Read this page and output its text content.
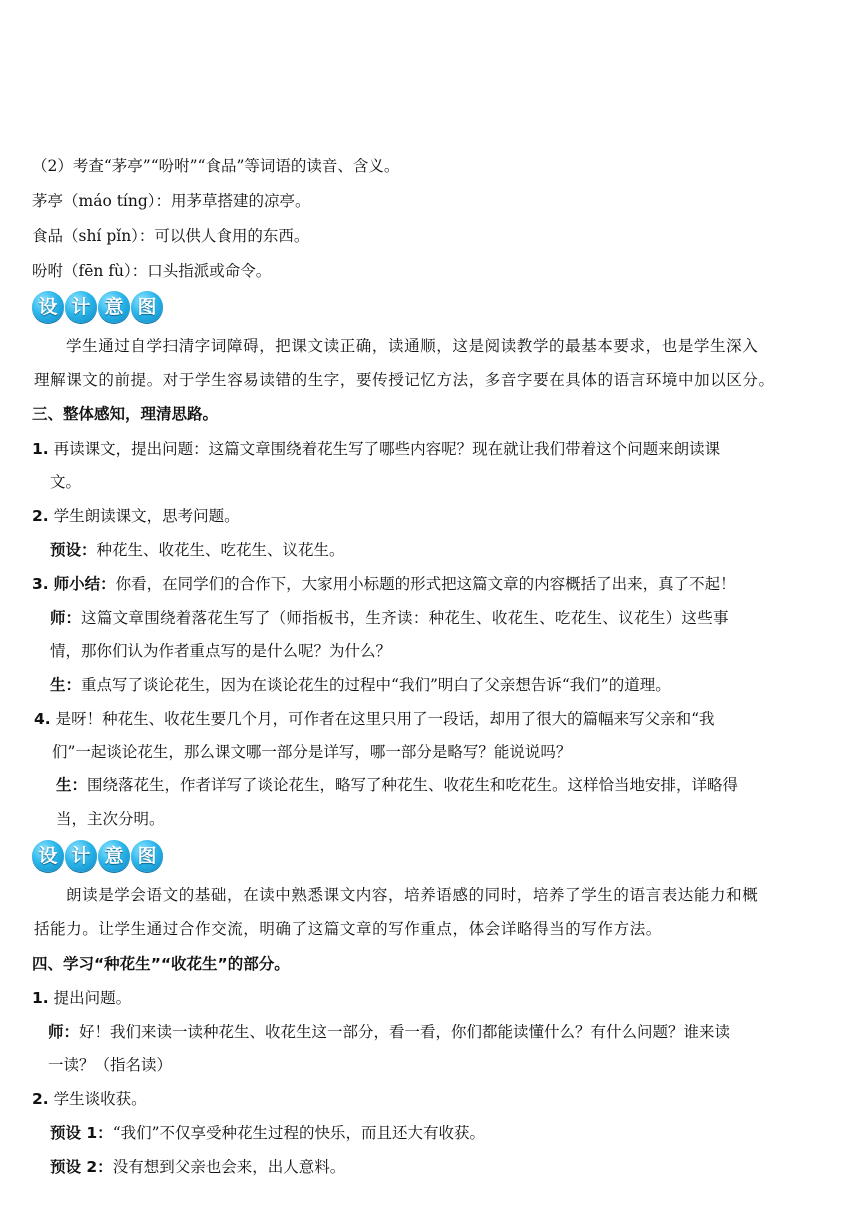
（2）考查“茅亭”“吩咐”“食品”等词语的读音、含义。
茅亭（máo tíng）：用茅草搭建的凉亭。
食品（shí pǐn）：可以供人食用的东西。
吩咐（fēn fù）：口头指派或命令。
设 计 意 图
学生通过自学扫清字词障碍，把课文读正确，读通顺，这是阅读教学的最基本要求，也是学生深入
理解课文的前提。对于学生容易读错的生字，要传授记忆方法，多音字要在具体的语言环境中加以区分。
三、整体感知，理清思路。
1. 再读课文，提出问题：这篇文章围绕着花生写了哪些内容呢？现在就让我们带着这个问题来朗读课
文。
2. 学生朗读课文，思考问题。
预设：种花生、收花生、吃花生、议花生。
3. 师小结：你看，在同学们的合作下，大家用小标题的形式把这篇文章的内容概括了出来，真了不起！
师：这篇文章围绕着落花生写了（师指板书，生齐读：种花生、收花生、吃花生、议花生）这些事
情，那你们认为作者重点写的是什么呢？为什么？
生：重点写了谈论花生，因为在谈论花生的过程中“我们”明白了父亲想告诉“我们”的道理。
4. 是呀！种花生、收花生要几个月，可作者在这里只用了一段话，却用了很大的篇幅来写父亲和“我
们”一起谈论花生，那么课文哪一部分是详写，哪一部分是略写？能说说吗？
生：围绕落花生，作者详写了谈论花生，略写了种花生、收花生和吃花生。这样恰当地安排，详略得
当，主次分明。
设 计 意 图
朗读是学会语文的基础，在读中熟悉课文内容，培养语感的同时，培养了学生的语言表达能力和概
括能力。让学生通过合作交流，明确了这篇文章的写作重点，体会详略得当的写作方法。
四、学习“种花生”“收花生”的部分。
1. 提出问题。
师：好！我们来读一读种花生、收花生这一部分，看一看，你们都能读懂什么？有什么问题？谁来读
一读？（指名读）
2. 学生谈收获。
预设 1：“我们”不仅享受种花生过程的快乐，而且还大有收获。
预设 2：没有想到父亲也会来，出人意料。
